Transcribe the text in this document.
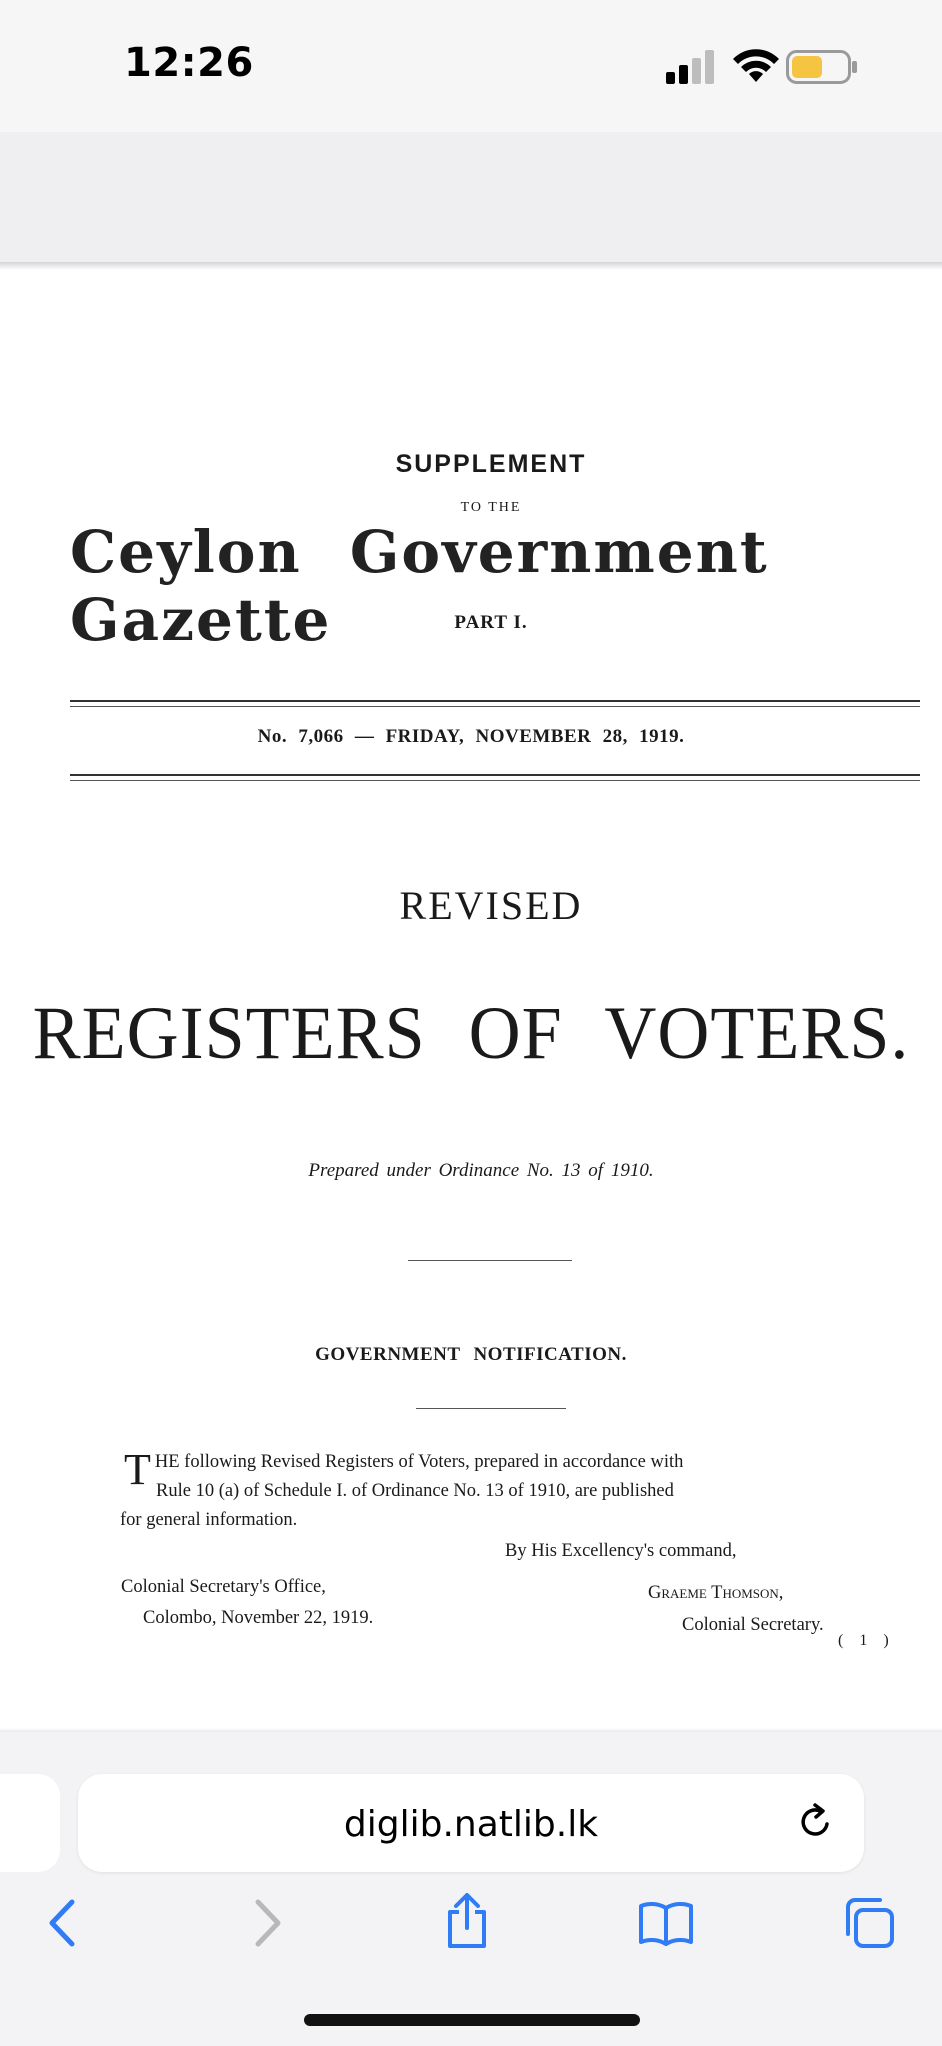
12:26
SUPPLEMENT
TO THE
Ceylon Government Gazette	PART I.
No. 7,066 — FRIDAY, NOVEMBER 28, 1919.
REVISED
REGISTERS OF VOTERS.
Prepared under Ordinance No. 13 of 1910.
GOVERNMENT NOTIFICATION.
T HE following Revised Registers of Voters, prepared in accordance with
Rule 10 (a) of Schedule I. of Ordinance No. 13 of 1910, are published
for general information.
By His Excellency's command,
Colonial Secretary's Office,
Colombo, November 22, 1919.
Graeme Thomson,
Colonial Secretary.
( 1 )
diglib.natlib.lk
